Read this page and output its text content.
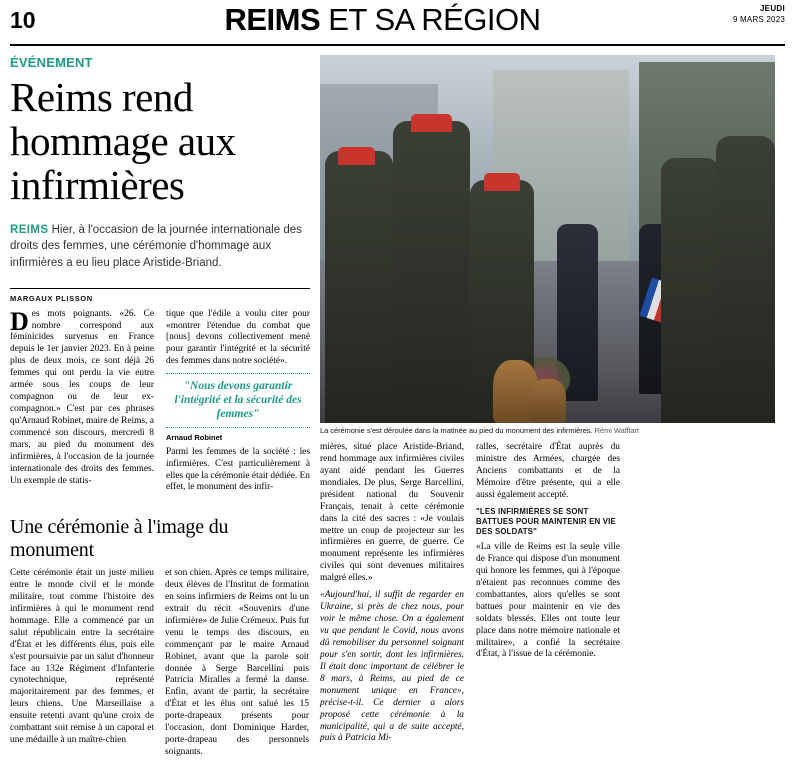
10	REIMS ET SA RÉGION	JEUDI
9 MARS 2023
ÉVÉNEMENT
Reims rend hommage aux infirmières
REIMS Hier, à l'occasion de la journée internationale des droits des femmes, une cérémonie d'hommage aux infirmières a eu lieu place Aristide-Briand.
MARGAUX PLISSON

Des mots poignants. «26. Ce nombre correspond aux féminicides survenus en France depuis le 1er janvier 2023. En à peine plus de deux mois, ce sont déjà 26 femmes qui ont perdu la vie entre armée sous les coups de leur compagnon ou de leur ex-compagnon.» C'est par ces phrases qu'Arnaud Robinet, maire de Reims, a commencé son discours, mercredi 8 mars, au pied du monument des infirmières, à l'occasion de la journée internationale des droits des femmes. Un exemple de statis-

tique que l'édile a voulu citer pour «montrer l'étendue du combat que [nous] devons collectivement mené pour garantir l'intégrité et la sécurité des femmes dans notre société».

"Nous devons garantir l'intégrité et la sécurité des femmes"
Arnaud Robinet

Parmi les femmes de la société : les infirmières. C'est particulièrement à elles que la cérémonie était dédiée. En effet, le monument des infir-

La cérémonie s'est déroulée dans la matinée au pied du monument des infirmières. Rémi Wafflart

mières, situé place Aristide-Briand, rend hommage aux infirmières civiles ayant aidé pendant les Guerres mondiales. De plus, Serge Barcellini, président national du Souvenir Français, tenait à cette cérémonie dans la cité des sacres : «Je voulais mettre un coup de projecteur sur les infirmières en guerre, de guerre. Ce monument représente les infirmières civiles qui sont devenues militaires malgré elles.»

«Aujourd'hui, il suffit de regarder en Ukraine, si près de chez nous, pour voir le même chose. On a également vu que pendant le Covid, nous avons dû remobiliser du personnel soignant pour s'en sortir, dont les infirmières. Il était donc important de célébrer le 8 mars, à Reims, au pied de ce monument unique en France», précise-t-il. Ce dernier a alors proposé cette cérémonie à la municipalité, qui a de suite accepté, puis à Patricia Mi-

ralles, secrétaire d'État auprès du ministre des Armées, chargée des Anciens combattants et de la Mémoire d'être présente, qui a elle aussi également accepté.

"LES INFIRMIÈRES SE SONT BATTUES POUR MAINTENIR EN VIE DES SOLDATS"

«La ville de Reims est la seule ville de France qui dispose d'un monument qui honore les femmes, qui à l'époque n'étaient pas reconnues comme des combattantes, alors qu'elles se sont battues pour maintenir en vie des soldats blessés. Elles ont toute leur place dans notre mémoire nationale et militaire», a confié la secrétaire d'État, à l'issue de la cérémonie.

Une cérémonie à l'image du monument

Cette cérémonie était un juste milieu entre le monde civil et le monde militaire, tout comme l'histoire des infirmières à qui le monument rend hommage. Elle a commencé par un salut républicain entre la secrétaire d'État et les différents élus, puis elle s'est poursuivie par un salut d'honneur face au 132e Régiment d'Infanterie cynotechnique, représenté majoritairement par des femmes, et leurs chiens. Une Marseillaise a ensuite retenti avant qu'une croix de combattant soit remise à un caporal et une médaille à un maître-chien

et son chien. Après ce temps militaire, deux élèves de l'Institut de formation en soins infirmiers de Reims ont lu un extrait du récit «Souvenirs d'une infirmière» de Julie Crémeux. Puis fut venu le temps des discours, en commençant par le maire Arnaud Robinet, avant que la parole soit donnée à Serge Barcellini puis Patricia Miralles a fermé la danse. Enfin, avant de partir, la secrétaire d'État et les élus ont salué les 15 porte-drapeaux présents pour l'occasion, dont Dominique Harder, porte-drapeau des personnels soignants.
